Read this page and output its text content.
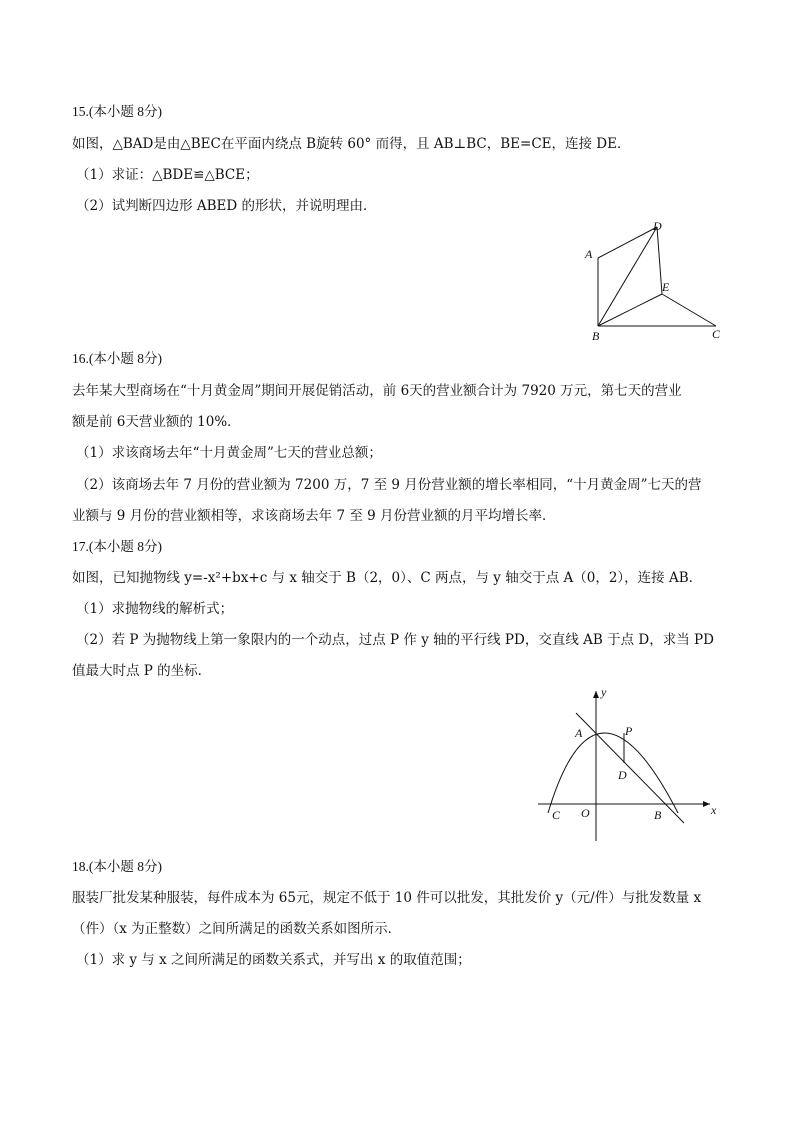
15.(本小题 8分)
如图，△BAD是由△BEC在平面内绕点 B旋转 60° 而得，且 AB⊥BC，BE=CE，连接 DE．
（1）求证：△BDE≌△BCE；
（2）试判断四边形 ABED 的形状，并说明理由．
A
D
E
B	C
16.(本小题 8分)
去年某大型商场在“十月黄金周”期间开展促销活动，前 6天的营业额合计为 7920 万元，第七天的营业
额是前 6天营业额的 10%．
（1）求该商场去年“十月黄金周”七天的营业总额；
（2）该商场去年 7 月份的营业额为 7200 万，7 至 9 月份营业额的增长率相同，“十月黄金周”七天的营
业额与 9 月份的营业额相等，求该商场去年 7 至 9 月份营业额的月平均增长率．
17.(本小题 8分)
如图，已知抛物线 y=-x²+bx+c 与 x 轴交于 B（2，0）、C 两点，与 y 轴交于点 A（0，2），连接 AB．
（1）求抛物线的解析式；
（2）若 P 为抛物线上第一象限内的一个动点，过点 P 作 y 轴的平行线 PD，交直线 AB 于点 D，求当 PD
值最大时点 P 的坐标．
y
x
A	P
D
C O	B
18.(本小题 8分)
服装厂批发某种服装，每件成本为 65元，规定不低于 10 件可以批发，其批发价 y（元/件）与批发数量 x
（件）（x 为正整数）之间所满足的函数关系如图所示．
（1）求 y 与 x 之间所满足的函数关系式，并写出 x 的取值范围；
